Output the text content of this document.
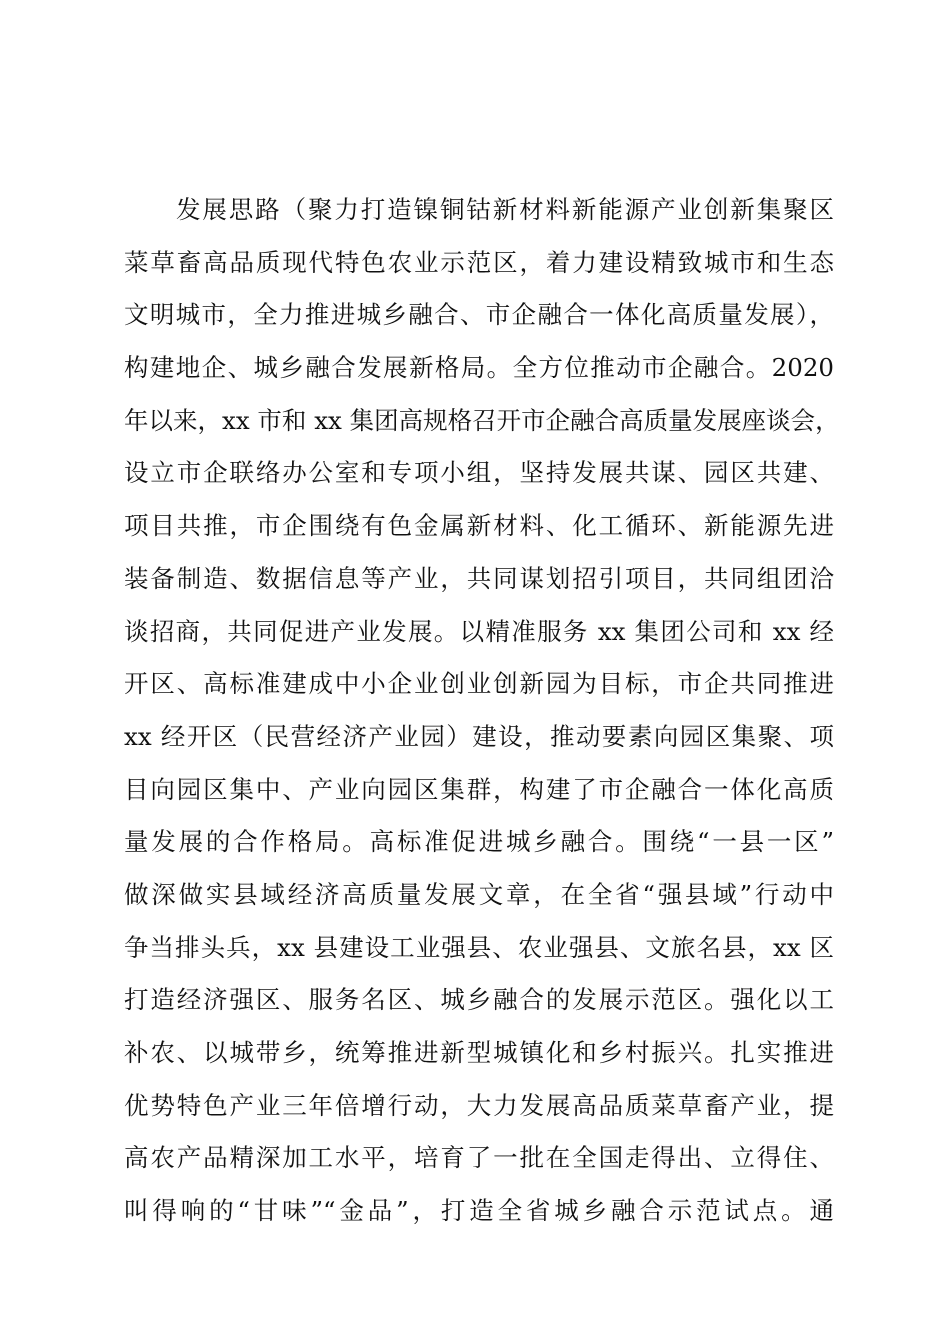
发展思路（聚力打造镍铜钴新材料新能源产业创新集聚区
菜草畜高品质现代特色农业示范区，着力建设精致城市和生态
文明城市，全力推进城乡融合、市企融合一体化高质量发展），
构建地企、城乡融合发展新格局。全方位推动市企融合。2020
年以来，xx 市和 xx 集团高规格召开市企融合高质量发展座谈会，
设立市企联络办公室和专项小组，坚持发展共谋、园区共建、
项目共推，市企围绕有色金属新材料、化工循环、新能源先进
装备制造、数据信息等产业，共同谋划招引项目，共同组团洽
谈招商，共同促进产业发展。以精准服务 xx 集团公司和 xx 经
开区、高标准建成中小企业创业创新园为目标，市企共同推进
xx 经开区（民营经济产业园）建设，推动要素向园区集聚、项
目向园区集中、产业向园区集群，构建了市企融合一体化高质
量发展的合作格局。高标准促进城乡融合。围绕“一县一区”
做深做实县域经济高质量发展文章，在全省“强县域”行动中
争当排头兵，xx 县建设工业强县、农业强县、文旅名县，xx 区
打造经济强区、服务名区、城乡融合的发展示范区。强化以工
补农、以城带乡，统筹推进新型城镇化和乡村振兴。扎实推进
优势特色产业三年倍增行动，大力发展高品质菜草畜产业，提
高农产品精深加工水平，培育了一批在全国走得出、立得住、
叫得响的“甘味”“金品”，打造全省城乡融合示范试点。通
